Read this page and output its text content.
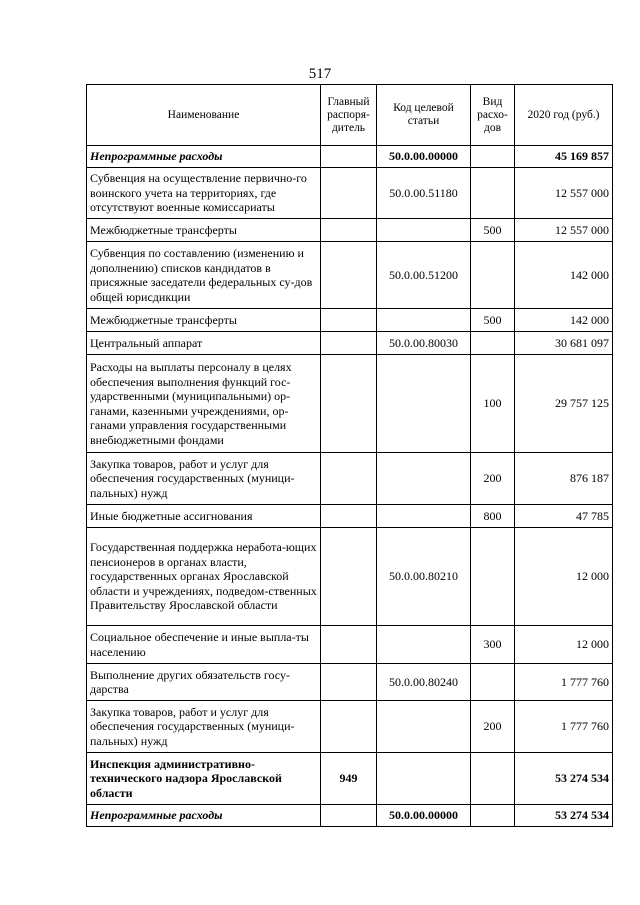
517
Наименование	Главный распоря-дитель	Код целевой статьи	Вид расхо-дов	2020 год (руб.)
Непрограммные расходы		50.0.00.00000		45 169 857
Субвенция на осуществление первично-го воинского учета на территориях, где отсутствуют военные комиссариаты		50.0.00.51180		12 557 000
Межбюджетные трансферты			500	12 557 000
Субвенция по составлению (изменению и дополнению) списков кандидатов в присяжные заседатели федеральных су-дов общей юрисдикции		50.0.00.51200		142 000
Межбюджетные трансферты			500	142 000
Центральный аппарат		50.0.00.80030		30 681 097
Расходы на выплаты персоналу в целях обеспечения выполнения функций гос-ударственными (муниципальными) ор-ганами, казенными учреждениями, ор-ганами управления государственными внебюджетными фондами			100	29 757 125
Закупка товаров, работ и услуг для обеспечения государственных (муници-пальных) нужд			200	876 187
Иные бюджетные ассигнования			800	47 785
Государственная поддержка неработа-ющих пенсионеров в органах власти, государственных органах Ярославской области и учреждениях, подведом-ственных Правительству Ярославской области		50.0.00.80210		12 000
Социальное обеспечение и иные выпла-ты населению			300	12 000
Выполнение других обязательств госу-дарства		50.0.00.80240		1 777 760
Закупка товаров, работ и услуг для обеспечения государственных (муници-пальных) нужд			200	1 777 760
Инспекция административно-технического надзора Ярославской области	949			53 274 534
Непрограммные расходы		50.0.00.00000		53 274 534
